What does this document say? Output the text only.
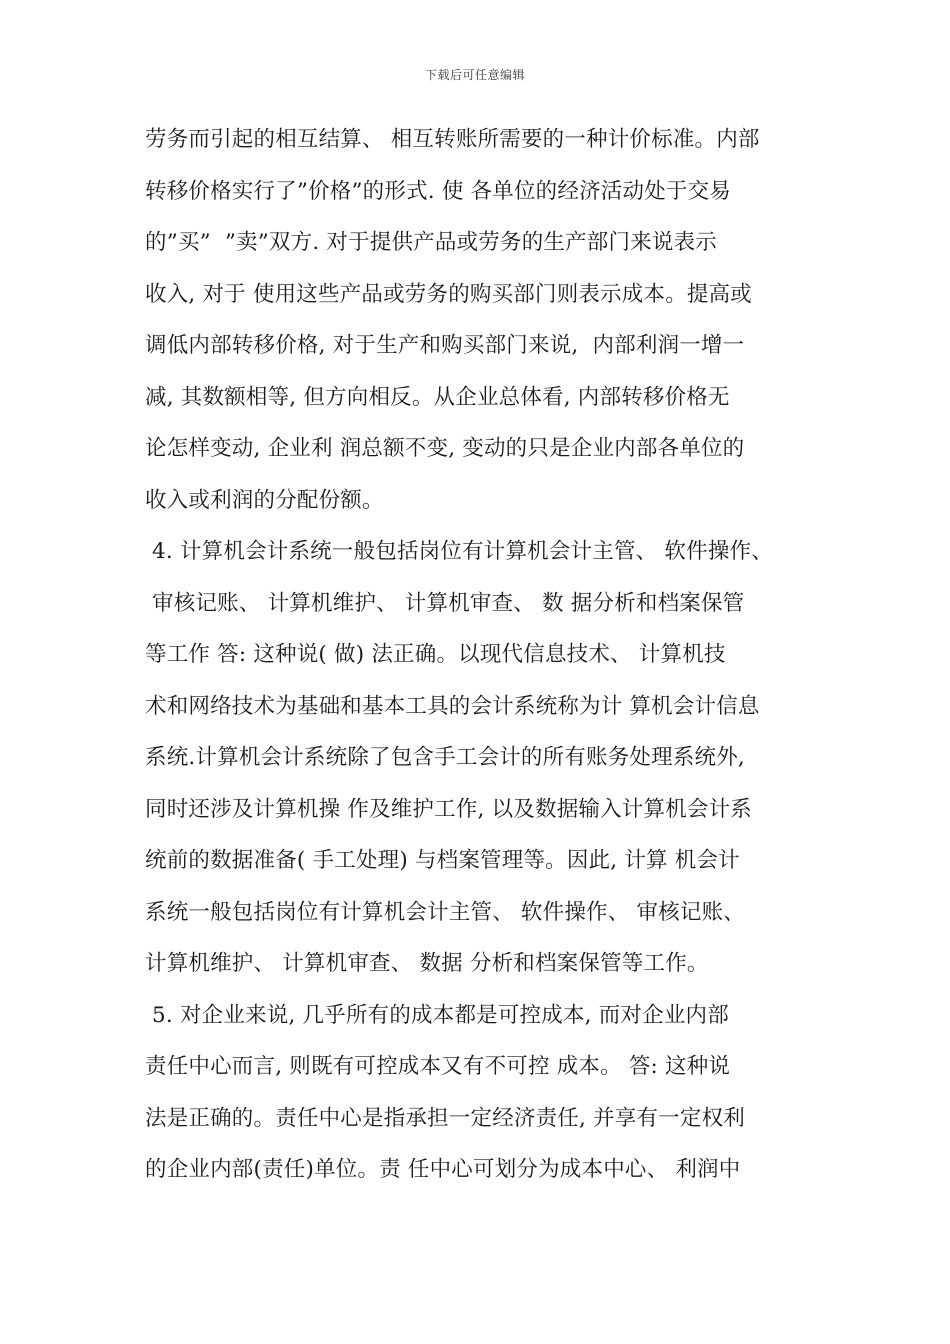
下载后可任意编辑
劳务而引起的相互结算、 相互转账所需要的一种计价标准。内部
转移价格实行了”价格”的形式. 使 各单位的经济活动处于交易
的”买”  ”卖”双方. 对于提供产品或劳务的生产部门来说表示
收入, 对于 使用这些产品或劳务的购买部门则表示成本。提高或
调低内部转移价格, 对于生产和购买部门来说,  内部利润一增一
减, 其数额相等, 但方向相反。从企业总体看, 内部转移价格无
论怎样变动, 企业利 润总额不变, 变动的只是企业内部各单位的
收入或利润的分配份额。
4. 计算机会计系统一般包括岗位有计算机会计主管、 软件操作、
审核记账、 计算机维护、 计算机审查、 数 据分析和档案保管
等工作 答: 这种说( 做) 法正确。以现代信息技术、 计算机技
术和网络技术为基础和基本工具的会计系统称为计 算机会计信息
系统.计算机会计系统除了包含手工会计的所有账务处理系统外,
同时还涉及计算机操 作及维护工作, 以及数据输入计算机会计系
统前的数据准备( 手工处理) 与档案管理等。因此, 计算 机会计
系统一般包括岗位有计算机会计主管、 软件操作、 审核记账、
计算机维护、 计算机审查、 数据 分析和档案保管等工作。
5. 对企业来说, 几乎所有的成本都是可控成本, 而对企业内部
责任中心而言, 则既有可控成本又有不可控 成本。 答: 这种说
法是正确的。责任中心是指承担一定经济责任, 并享有一定权利
的企业内部(责任)单位。责 任中心可划分为成本中心、 利润中
